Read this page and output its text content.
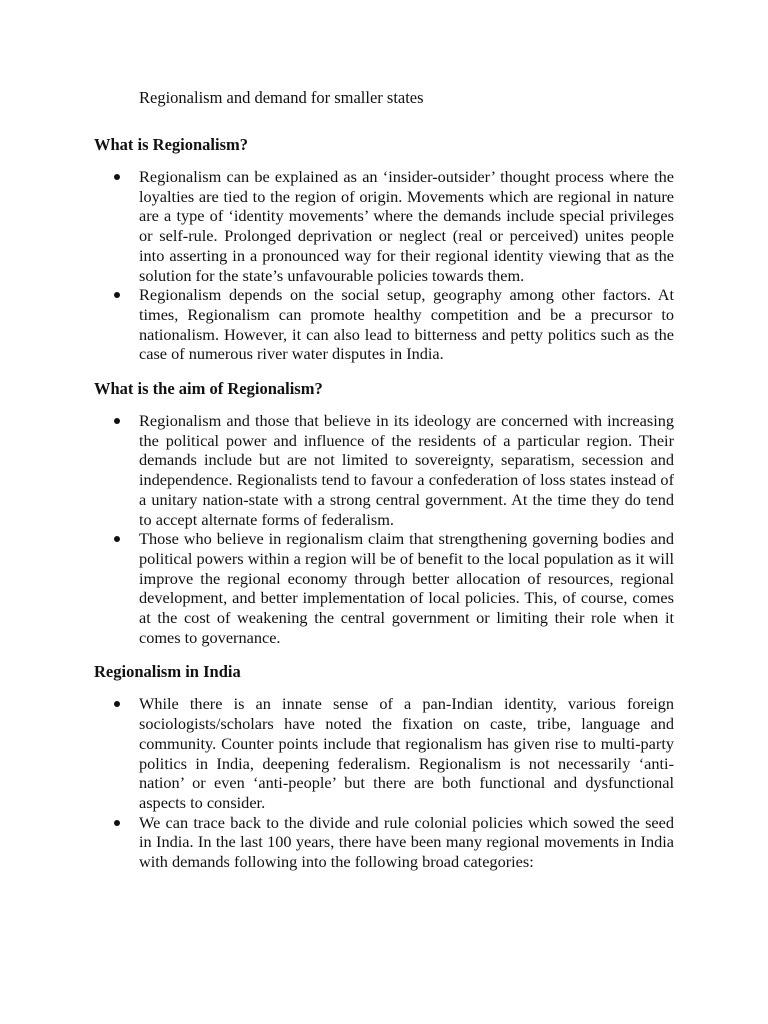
Regionalism and demand for smaller states
What is Regionalism?
Regionalism can be explained as an ‘insider-outsider’ thought process where the loyalties are tied to the region of origin. Movements which are regional in nature are a type of ‘identity movements’ where the demands include special privileges or self-rule. Prolonged deprivation or neglect (real or perceived) unites people into asserting in a pronounced way for their regional identity viewing that as the solution for the state’s unfavourable policies towards them.
Regionalism depends on the social setup, geography among other factors. At times, Regionalism can promote healthy competition and be a precursor to nationalism. However, it can also lead to bitterness and petty politics such as the case of numerous river water disputes in India.
What is the aim of Regionalism?
Regionalism and those that believe in its ideology are concerned with increasing the political power and influence of the residents of a particular region. Their demands include but are not limited to sovereignty, separatism, secession and independence. Regionalists tend to favour a confederation of loss states instead of a unitary nation-state with a strong central government. At the time they do tend to accept alternate forms of federalism.
Those who believe in regionalism claim that strengthening governing bodies and political powers within a region will be of benefit to the local population as it will improve the regional economy through better allocation of resources, regional development, and better implementation of local policies. This, of course, comes at the cost of weakening the central government or limiting their role when it comes to governance.
Regionalism in India
While there is an innate sense of a pan-Indian identity, various foreign sociologists/scholars have noted the fixation on caste, tribe, language and community. Counter points include that regionalism has given rise to multi-party politics in India, deepening federalism. Regionalism is not necessarily ‘anti-nation’ or even ‘anti-people’ but there are both functional and dysfunctional aspects to consider.
We can trace back to the divide and rule colonial policies which sowed the seed in India. In the last 100 years, there have been many regional movements in India with demands following into the following broad categories:
